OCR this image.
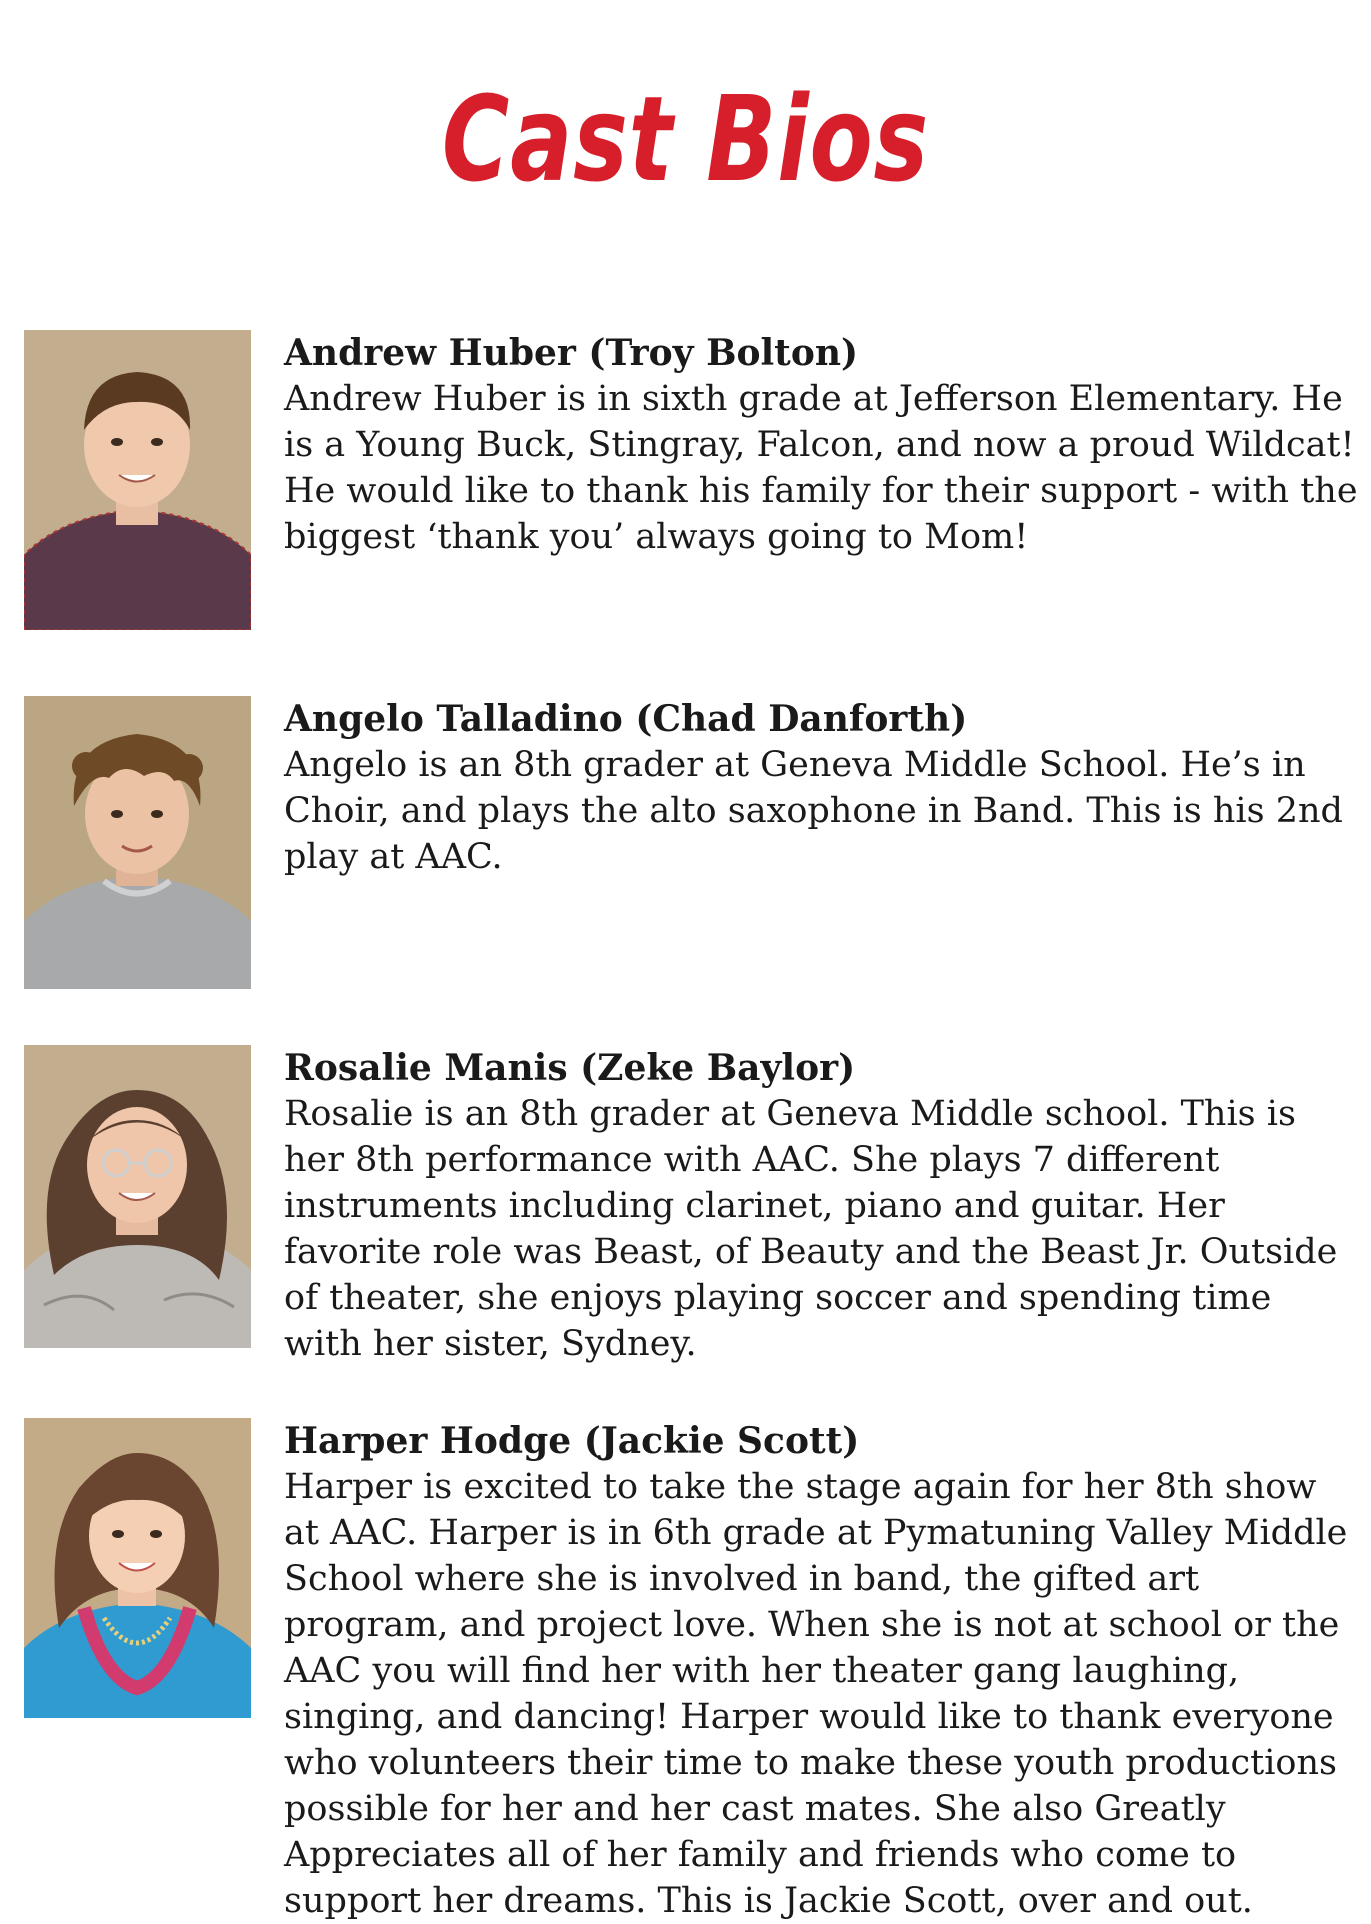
Cast Bios
Andrew Huber (Troy Bolton)
Andrew Huber is in sixth grade at Jefferson Elementary. He is a Young Buck, Stingray, Falcon, and now a proud Wildcat! He would like to thank his family for their support - with the biggest ‘thank you’ always going to Mom!
Angelo Talladino (Chad Danforth)
Angelo is an 8th grader at Geneva Middle School. He’s in Choir, and plays the alto saxophone in Band. This is his 2nd play at AAC.
Rosalie Manis (Zeke Baylor)
Rosalie is an 8th grader at Geneva Middle school. This is her 8th performance with AAC. She plays 7 different instruments including clarinet, piano and guitar. Her favorite role was Beast, of Beauty and the Beast Jr. Outside of theater, she enjoys playing soccer and spending time with her sister, Sydney.
Harper Hodge (Jackie Scott)
Harper is excited to take the stage again for her 8th show at AAC. Harper is in 6th grade at Pymatuning Valley Middle School where she is involved in band, the gifted art program, and project love. When she is not at school or the AAC you will find her with her theater gang laughing, singing, and dancing! Harper would like to thank everyone who volunteers their time to make these youth productions possible for her and her cast mates. She also Greatly Appreciates all of her family and friends who come to support her dreams. This is Jackie Scott, over and out.
